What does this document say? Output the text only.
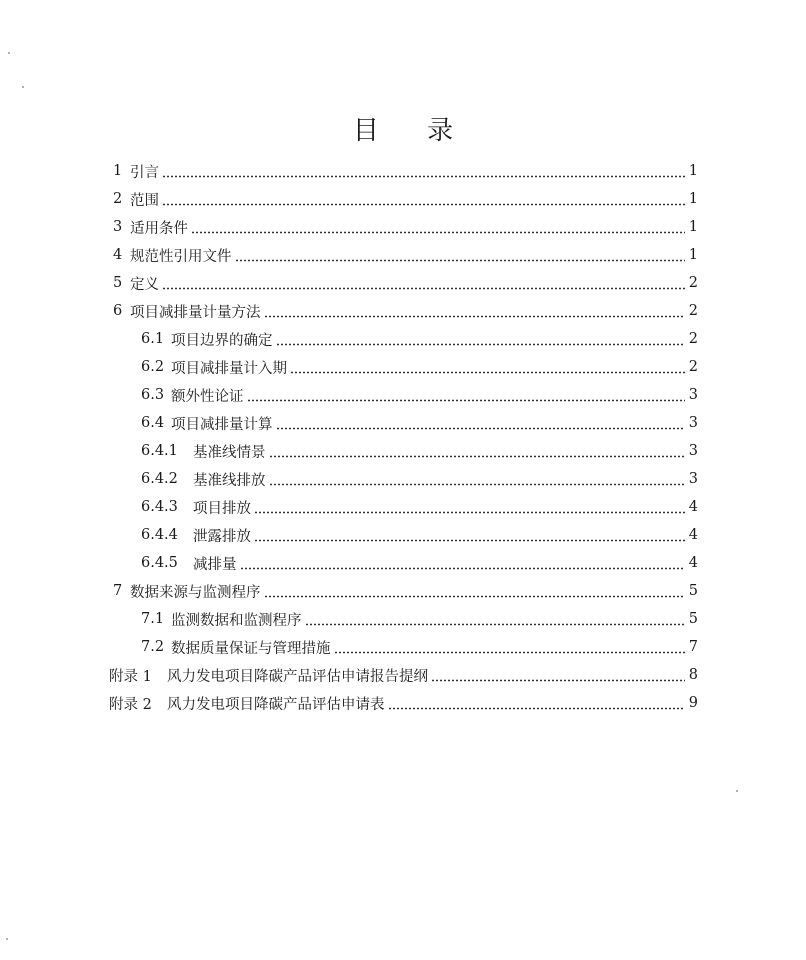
目 录
1 引言	1
2 范围	1
3 适用条件	1
4 规范性引用文件	1
5 定义	2
6 项目减排量计量方法	2
6.1 项目边界的确定	2
6.2 项目减排量计入期	2
6.3 额外性论证	3
6.4 项目减排量计算	3
6.4.1	基准线情景	3
6.4.2	基准线排放	3
6.4.3	项目排放	4
6.4.4	泄露排放	4
6.4.5	减排量	4
7 数据来源与监测程序	5
7.1 监测数据和监测程序	5
7.2 数据质量保证与管理措施	7
附录 1	风力发电项目降碳产品评估申请报告提纲	8
附录 2	风力发电项目降碳产品评估申请表	9
